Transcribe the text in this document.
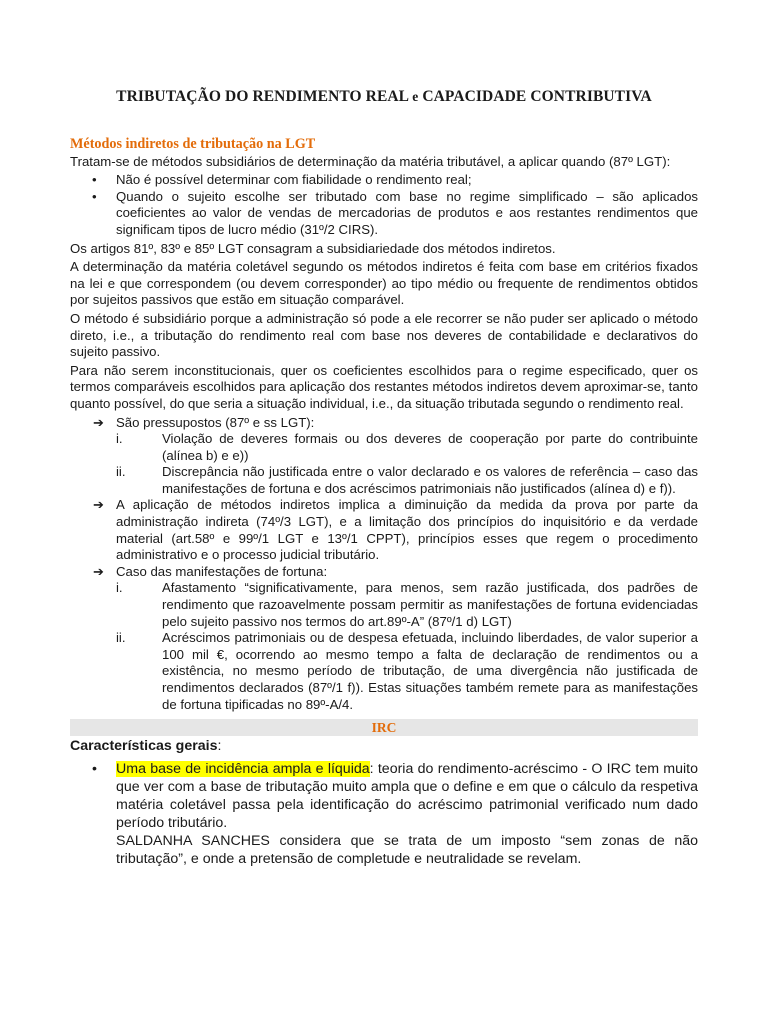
TRIBUTAÇÃO DO RENDIMENTO REAL e CAPACIDADE CONTRIBUTIVA
Métodos indiretos de tributação na LGT

Tratam-se de métodos subsidiários de determinação da matéria tributável, a aplicar quando (87º LGT):

• Não é possível determinar com fiabilidade o rendimento real;
• Quando o sujeito escolhe ser tributado com base no regime simplificado – são aplicados coeficientes ao valor de vendas de mercadorias de produtos e aos restantes rendimentos que significam tipos de lucro médio (31º/2 CIRS).

Os artigos 81º, 83º e 85º LGT consagram a subsidiariedade dos métodos indiretos.

A determinação da matéria coletável segundo os métodos indiretos é feita com base em critérios fixados na lei e que correspondem (ou devem corresponder) ao tipo médio ou frequente de rendimentos obtidos por sujeitos passivos que estão em situação comparável.

O método é subsidiário porque a administração só pode a ele recorrer se não puder ser aplicado o método direto, i.e., a tributação do rendimento real com base nos deveres de contabilidade e declarativos do sujeito passivo.

Para não serem inconstitucionais, quer os coeficientes escolhidos para o regime especificado, quer os termos comparáveis escolhidos para aplicação dos restantes métodos indiretos devem aproximar-se, tanto quanto possível, do que seria a situação individual, i.e., da situação tributada segundo o rendimento real.

➔ São pressupostos (87º e ss LGT):
i.	Violação de deveres formais ou dos deveres de cooperação por parte do contribuinte (alínea b) e e))
ii.	Discrepância não justificada entre o valor declarado e os valores de referência – caso das manifestações de fortuna e dos acréscimos patrimoniais não justificados (alínea d) e f)).
➔ A aplicação de métodos indiretos implica a diminuição da medida da prova por parte da administração indireta (74º/3 LGT), e a limitação dos princípios do inquisitório e da verdade material (art.58º e 99º/1 LGT e 13º/1 CPPT), princípios esses que regem o procedimento administrativo e o processo judicial tributário.
➔ Caso das manifestações de fortuna:
i.	Afastamento “significativamente, para menos, sem razão justificada, dos padrões de rendimento que razoavelmente possam permitir as manifestações de fortuna evidenciadas pelo sujeito passivo nos termos do art.89º-A” (87º/1 d) LGT)
ii.	Acréscimos patrimoniais ou de despesa efetuada, incluindo liberdades, de valor superior a 100 mil €, ocorrendo ao mesmo tempo a falta de declaração de rendimentos ou a existência, no mesmo período de tributação, de uma divergência não justificada de rendimentos declarados (87º/1 f)). Estas situações também remete para as manifestações de fortuna tipificadas no 89º-A/4.
IRC
Características gerais:
• Uma base de incidência ampla e líquida: teoria do rendimento-acréscimo - O IRC tem muito que ver com a base de tributação muito ampla que o define e em que o cálculo da respetiva matéria coletável passa pela identificação do acréscimo patrimonial verificado num dado período tributário.
SALDANHA SANCHES considera que se trata de um imposto “sem zonas de não tributação”, e onde a pretensão de completude e neutralidade se revelam.
